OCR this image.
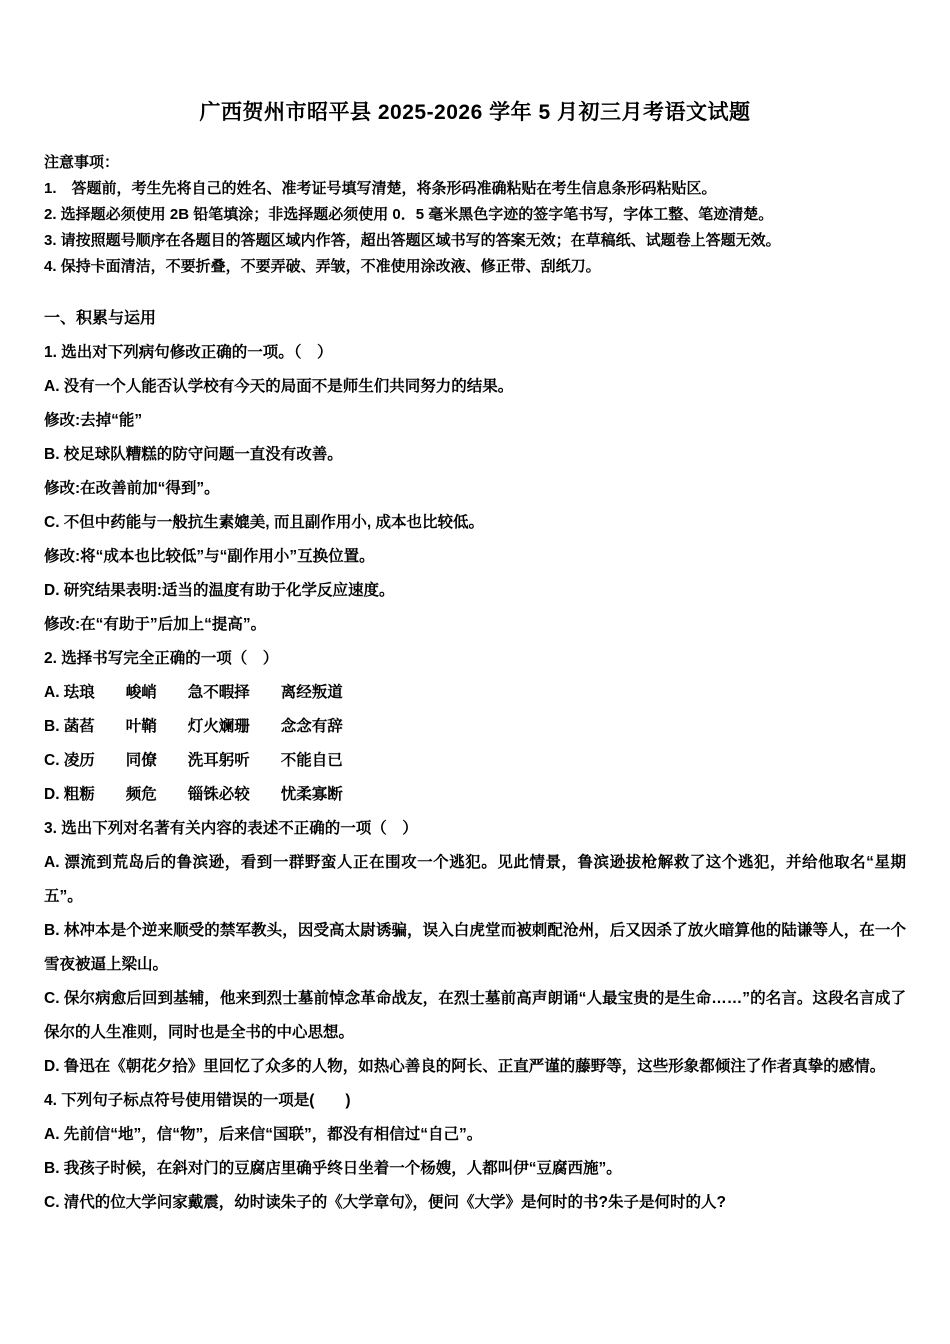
广西贺州市昭平县 2025-2026 学年 5 月初三月考语文试题

注意事项：

1.　答题前，考生先将自己的姓名、准考证号填写清楚，将条形码准确粘贴在考生信息条形码粘贴区。

2. 选择题必须使用 2B 铅笔填涂；非选择题必须使用 0．5 毫米黑色字迹的签字笔书写，字体工整、笔迹清楚。

3. 请按照题号顺序在各题目的答题区域内作答，超出答题区域书写的答案无效；在草稿纸、试题卷上答题无效。

4. 保持卡面清洁，不要折叠，不要弄破、弄皱，不准使用涂改液、修正带、刮纸刀。

一、积累与运用

1. 选出对下列病句修改正确的一项。（　）

A. 没有一个人能否认学校有今天的局面不是师生们共同努力的结果。

修改:去掉“能”

B. 校足球队糟糕的防守问题一直没有改善。

修改:在改善前加“得到”。

C. 不但中药能与一般抗生素媲美, 而且副作用小, 成本也比较低。

修改:将“成本也比较低”与“副作用小”互换位置。

D. 研究结果表明:适当的温度有助于化学反应速度。

修改:在“有助于”后加上“提高”。

2. 选择书写完全正确的一项（　）

A. 珐琅　　峻峭　　急不暇择　　离经叛道

B. 菡萏　　叶鞘　　灯火斓珊　　念念有辞

C. 凌历　　同僚　　洗耳躬听　　不能自已

D. 粗粝　　频危　　锱铢必较　　忧柔寡断

3. 选出下列对名著有关内容的表述不正确的一项（　）

A. 漂流到荒岛后的鲁滨逊，看到一群野蛮人正在围攻一个逃犯。见此情景，鲁滨逊拔枪解救了这个逃犯，并给他取名“星期五”。

B. 林冲本是个逆来顺受的禁军教头，因受高太尉诱骗，误入白虎堂而被刺配沧州，后又因杀了放火暗算他的陆谦等人，在一个雪夜被逼上梁山。

C. 保尔病愈后回到基辅，他来到烈士墓前悼念革命战友，在烈士墓前高声朗诵“人最宝贵的是生命……”的名言。这段名言成了保尔的人生准则，同时也是全书的中心思想。

D. 鲁迅在《朝花夕拾》里回忆了众多的人物，如热心善良的阿长、正直严谨的藤野等，这些形象都倾注了作者真挚的感情。

4. 下列句子标点符号使用错误的一项是(　　)

A. 先前信“地”，信“物”，后来信“国联”，都没有相信过“自己”。

B. 我孩子时候，在斜对门的豆腐店里确乎终日坐着一个杨嫂，人都叫伊“豆腐西施”。

C. 清代的位大学问家戴震，幼时读朱子的《大学章句》，便问《大学》是何时的书?朱子是何时的人?
